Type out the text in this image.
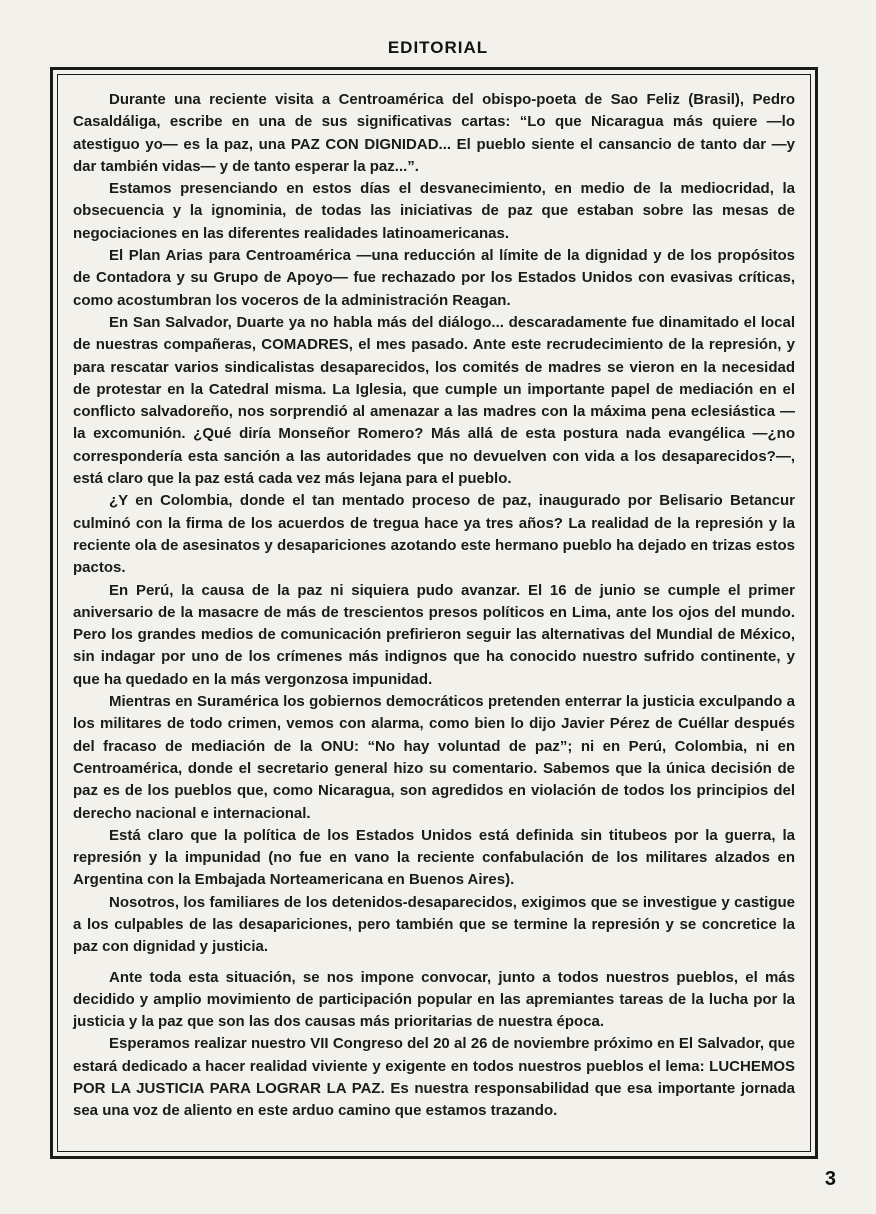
EDITORIAL

Durante una reciente visita a Centroamérica del obispo-poeta de Sao Feliz (Brasil), Pedro Casaldáliga, escribe en una de sus significativas cartas: “Lo que Nicaragua más quiere —lo atestiguo yo— es la paz, una PAZ CON DIGNIDAD... El pueblo siente el cansancio de tanto dar —y dar también vidas— y de tanto esperar la paz...”.

Estamos presenciando en estos días el desvanecimiento, en medio de la mediocridad, la obsecuencia y la ignominia, de todas las iniciativas de paz que estaban sobre las mesas de negociaciones en las diferentes realidades latinoamericanas.

El Plan Arias para Centroamérica —una reducción al límite de la dignidad y de los propósitos de Contadora y su Grupo de Apoyo— fue rechazado por los Estados Unidos con evasivas críticas, como acostumbran los voceros de la administración Reagan.

En San Salvador, Duarte ya no habla más del diálogo... descaradamente fue dinamitado el local de nuestras compañeras, COMADRES, el mes pasado. Ante este recrudecimiento de la represión, y para rescatar varios sindicalistas desaparecidos, los comités de madres se vieron en la necesidad de protestar en la Catedral misma. La Iglesia, que cumple un importante papel de mediación en el conflicto salvadoreño, nos sorprendió al amenazar a las madres con la máxima pena eclesiástica —la excomunión. ¿Qué diría Monseñor Romero? Más allá de esta postura nada evangélica —¿no correspondería esta sanción a las autoridades que no devuelven con vida a los desaparecidos?—, está claro que la paz está cada vez más lejana para el pueblo.

¿Y en Colombia, donde el tan mentado proceso de paz, inaugurado por Belisario Betancur culminó con la firma de los acuerdos de tregua hace ya tres años? La realidad de la represión y la reciente ola de asesinatos y desapariciones azotando este hermano pueblo ha dejado en trizas estos pactos.

En Perú, la causa de la paz ni siquiera pudo avanzar. El 16 de junio se cumple el primer aniversario de la masacre de más de trescientos presos políticos en Lima, ante los ojos del mundo. Pero los grandes medios de comunicación prefirieron seguir las alternativas del Mundial de México, sin indagar por uno de los crímenes más indignos que ha conocido nuestro sufrido continente, y que ha quedado en la más vergonzosa impunidad.

Mientras en Suramérica los gobiernos democráticos pretenden enterrar la justicia exculpando a los militares de todo crimen, vemos con alarma, como bien lo dijo Javier Pérez de Cuéllar después del fracaso de mediación de la ONU: “No hay voluntad de paz”; ni en Perú, Colombia, ni en Centroamérica, donde el secretario general hizo su comentario. Sabemos que la única decisión de paz es de los pueblos que, como Nicaragua, son agredidos en violación de todos los principios del derecho nacional e internacional.

Está claro que la política de los Estados Unidos está definida sin titubeos por la guerra, la represión y la impunidad (no fue en vano la reciente confabulación de los militares alzados en Argentina con la Embajada Norteamericana en Buenos Aires).

Nosotros, los familiares de los detenidos-desaparecidos, exigimos que se investigue y castigue a los culpables de las desapariciones, pero también que se termine la represión y se concretice la paz con dignidad y justicia.

Ante toda esta situación, se nos impone convocar, junto a todos nuestros pueblos, el más decidido y amplio movimiento de participación popular en las apremiantes tareas de la lucha por la justicia y la paz que son las dos causas más prioritarias de nuestra época.

Esperamos realizar nuestro VII Congreso del 20 al 26 de noviembre próximo en El Salvador, que estará dedicado a hacer realidad viviente y exigente en todos nuestros pueblos el lema: LUCHEMOS POR LA JUSTICIA PARA LOGRAR LA PAZ. Es nuestra responsabilidad que esa importante jornada sea una voz de aliento en este arduo camino que estamos trazando.

3
